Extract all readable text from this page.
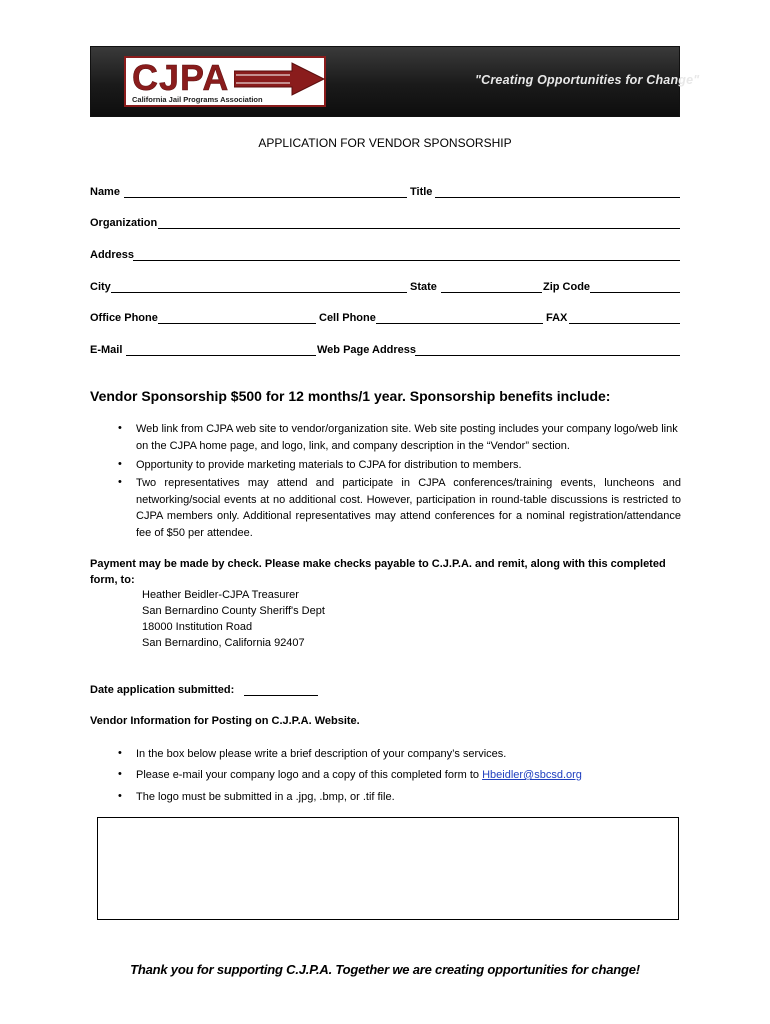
CJPA
California Jail Programs Association
"Creating Opportunities for Change"
APPLICATION FOR VENDOR SPONSORSHIP
Name	Title
Organization
Address
City	State	Zip Code
Office Phone	Cell Phone	FAX
E-Mail	Web Page Address
Vendor Sponsorship $500 for 12 months/1 year. Sponsorship benefits include:
• Web link from CJPA web site to vendor/organization site. Web site posting includes your company logo/web link on the CJPA home page, and logo, link, and company description in the “Vendor” section.
• Opportunity to provide marketing materials to CJPA for distribution to members.
• Two representatives may attend and participate in CJPA conferences/training events, luncheons and networking/social events at no additional cost. However, participation in round-table discussions is restricted to CJPA members only. Additional representatives may attend conferences for a nominal registration/attendance fee of $50 per attendee.
Payment may be made by check. Please make checks payable to C.J.P.A. and remit, along with this completed form, to:
Heather Beidler-CJPA Treasurer
San Bernardino County Sheriff's Dept
18000 Institution Road
San Bernardino, California 92407
Date application submitted:
Vendor Information for Posting on C.J.P.A. Website.
• In the box below please write a brief description of your company’s services.
• Please e-mail your company logo and a copy of this completed form to Hbeidler@sbcsd.org
• The logo must be submitted in a .jpg, .bmp, or .tif file.
Thank you for supporting C.J.P.A. Together we are creating opportunities for change!
